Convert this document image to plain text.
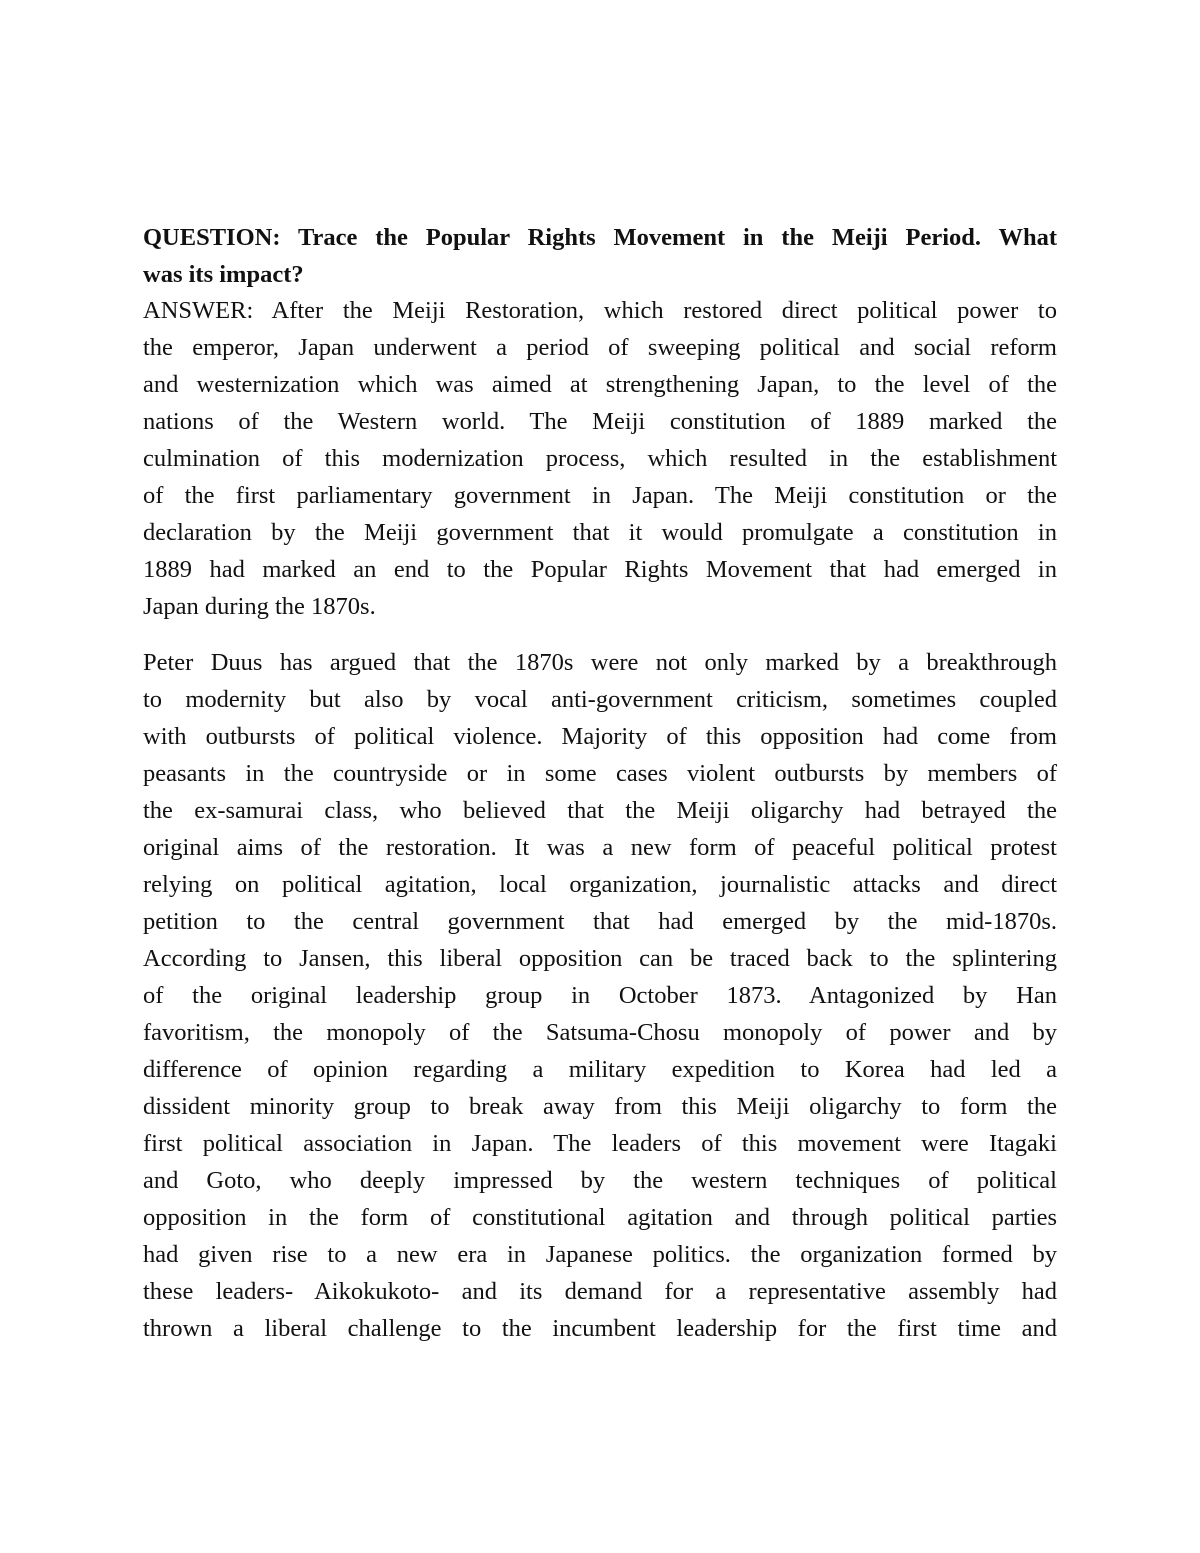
QUESTION: Trace the Popular Rights Movement in the Meiji Period. What
was its impact?
ANSWER: After the Meiji Restoration, which restored direct political power to
the emperor, Japan underwent a period of sweeping political and social reform
and westernization which was aimed at strengthening Japan, to the level of the
nations of the Western world. The Meiji constitution of 1889 marked the
culmination of this modernization process, which resulted in the establishment
of the first parliamentary government in Japan. The Meiji constitution or the
declaration by the Meiji government that it would promulgate a constitution in
1889 had marked an end to the Popular Rights Movement that had emerged in
Japan during the 1870s.
Peter Duus has argued that the 1870s were not only marked by a breakthrough
to modernity but also by vocal anti-government criticism, sometimes coupled
with outbursts of political violence. Majority of this opposition had come from
peasants in the countryside or in some cases violent outbursts by members of
the ex-samurai class, who believed that the Meiji oligarchy had betrayed the
original aims of the restoration. It was a new form of peaceful political protest
relying on political agitation, local organization, journalistic attacks and direct
petition to the central government that had emerged by the mid-1870s.
According to Jansen, this liberal opposition can be traced back to the splintering
of the original leadership group in October 1873. Antagonized by Han
favoritism, the monopoly of the Satsuma-Chosu monopoly of power and by
difference of opinion regarding a military expedition to Korea had led a
dissident minority group to break away from this Meiji oligarchy to form the
first political association in Japan. The leaders of this movement were Itagaki
and Goto, who deeply impressed by the western techniques of political
opposition in the form of constitutional agitation and through political parties
had given rise to a new era in Japanese politics. the organization formed by
these leaders- Aikokukoto- and its demand for a representative assembly had
thrown a liberal challenge to the incumbent leadership for the first time and
